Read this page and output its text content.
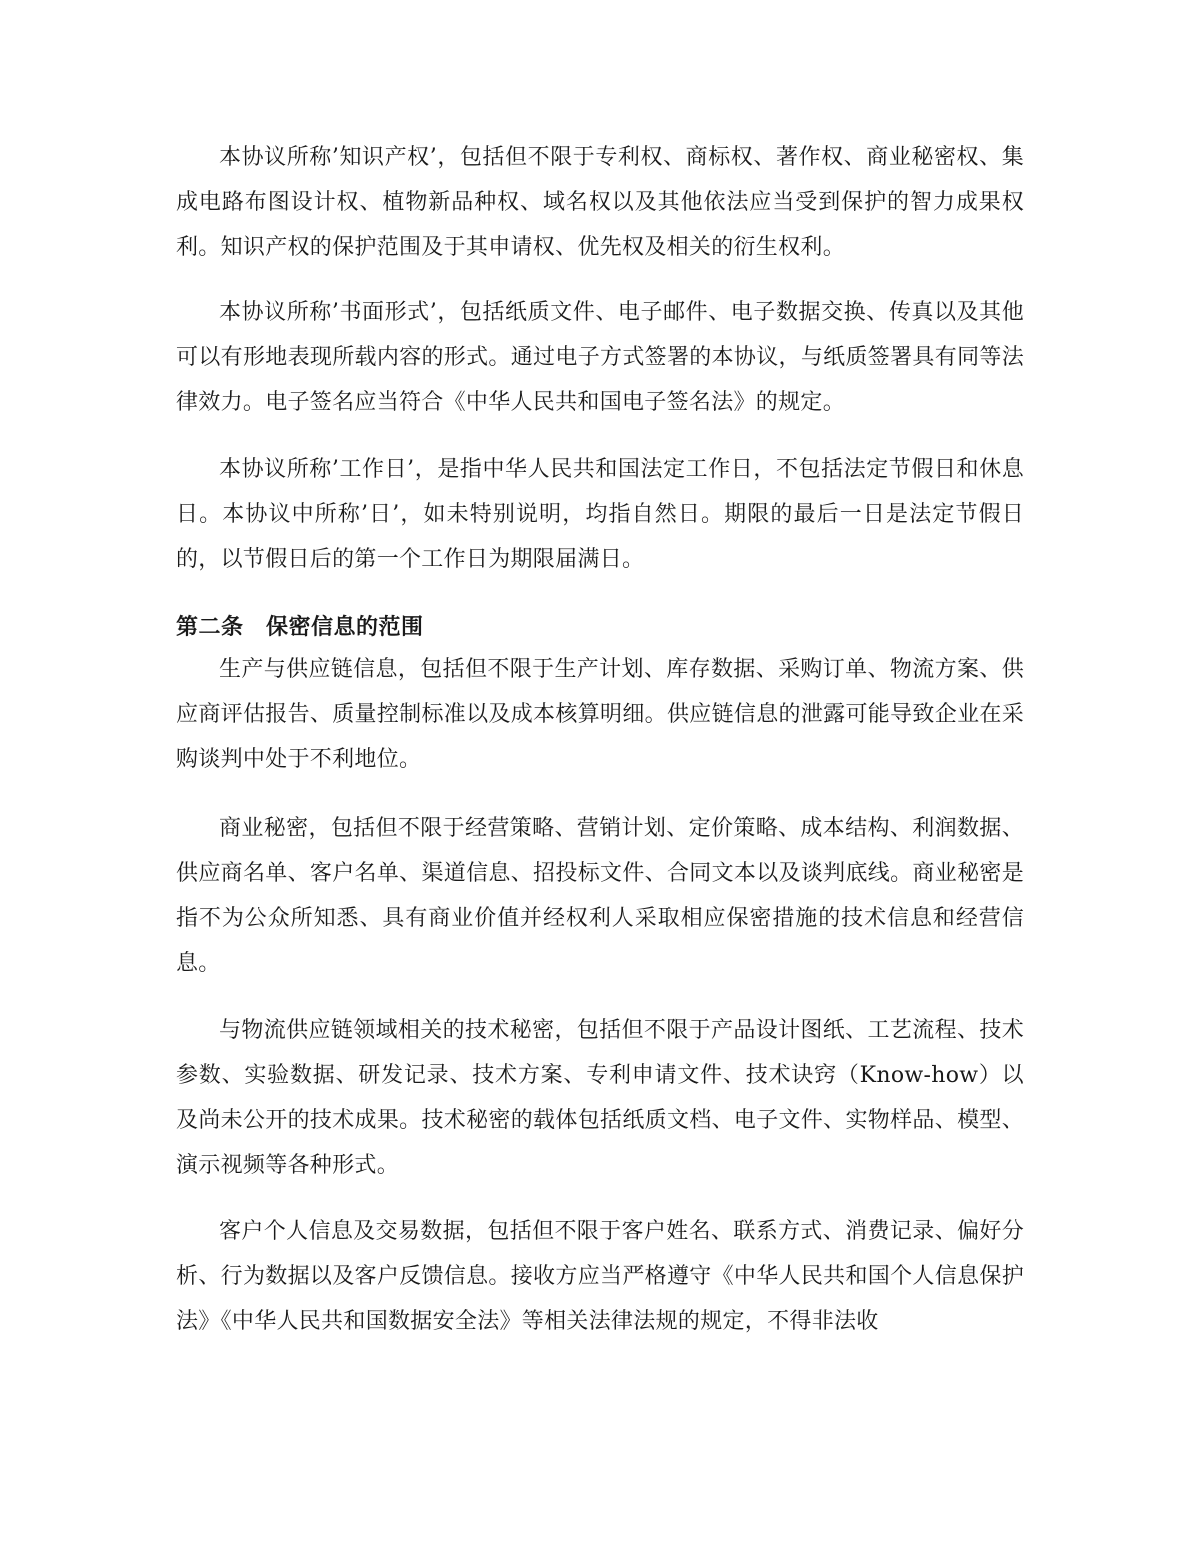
本协议所称’知识产权’，包括但不限于专利权、商标权、著作权、商业秘密权、集成电路布图设计权、植物新品种权、域名权以及其他依法应当受到保护的智力成果权利。知识产权的保护范围及于其申请权、优先权及相关的衍生权利。

本协议所称’书面形式’，包括纸质文件、电子邮件、电子数据交换、传真以及其他可以有形地表现所载内容的形式。通过电子方式签署的本协议，与纸质签署具有同等法律效力。电子签名应当符合《中华人民共和国电子签名法》的规定。

本协议所称’工作日’，是指中华人民共和国法定工作日，不包括法定节假日和休息日。本协议中所称’日’，如未特别说明，均指自然日。期限的最后一日是法定节假日的，以节假日后的第一个工作日为期限届满日。

第二条　保密信息的范围

生产与供应链信息，包括但不限于生产计划、库存数据、采购订单、物流方案、供应商评估报告、质量控制标准以及成本核算明细。供应链信息的泄露可能导致企业在采购谈判中处于不利地位。

商业秘密，包括但不限于经营策略、营销计划、定价策略、成本结构、利润数据、供应商名单、客户名单、渠道信息、招投标文件、合同文本以及谈判底线。商业秘密是指不为公众所知悉、具有商业价值并经权利人采取相应保密措施的技术信息和经营信息。

与物流供应链领域相关的技术秘密，包括但不限于产品设计图纸、工艺流程、技术参数、实验数据、研发记录、技术方案、专利申请文件、技术诀窍（Know-how）以及尚未公开的技术成果。技术秘密的载体包括纸质文档、电子文件、实物样品、模型、演示视频等各种形式。

客户个人信息及交易数据，包括但不限于客户姓名、联系方式、消费记录、偏好分析、行为数据以及客户反馈信息。接收方应当严格遵守《中华人民共和国个人信息保护法》《中华人民共和国数据安全法》等相关法律法规的规定，不得非法收
